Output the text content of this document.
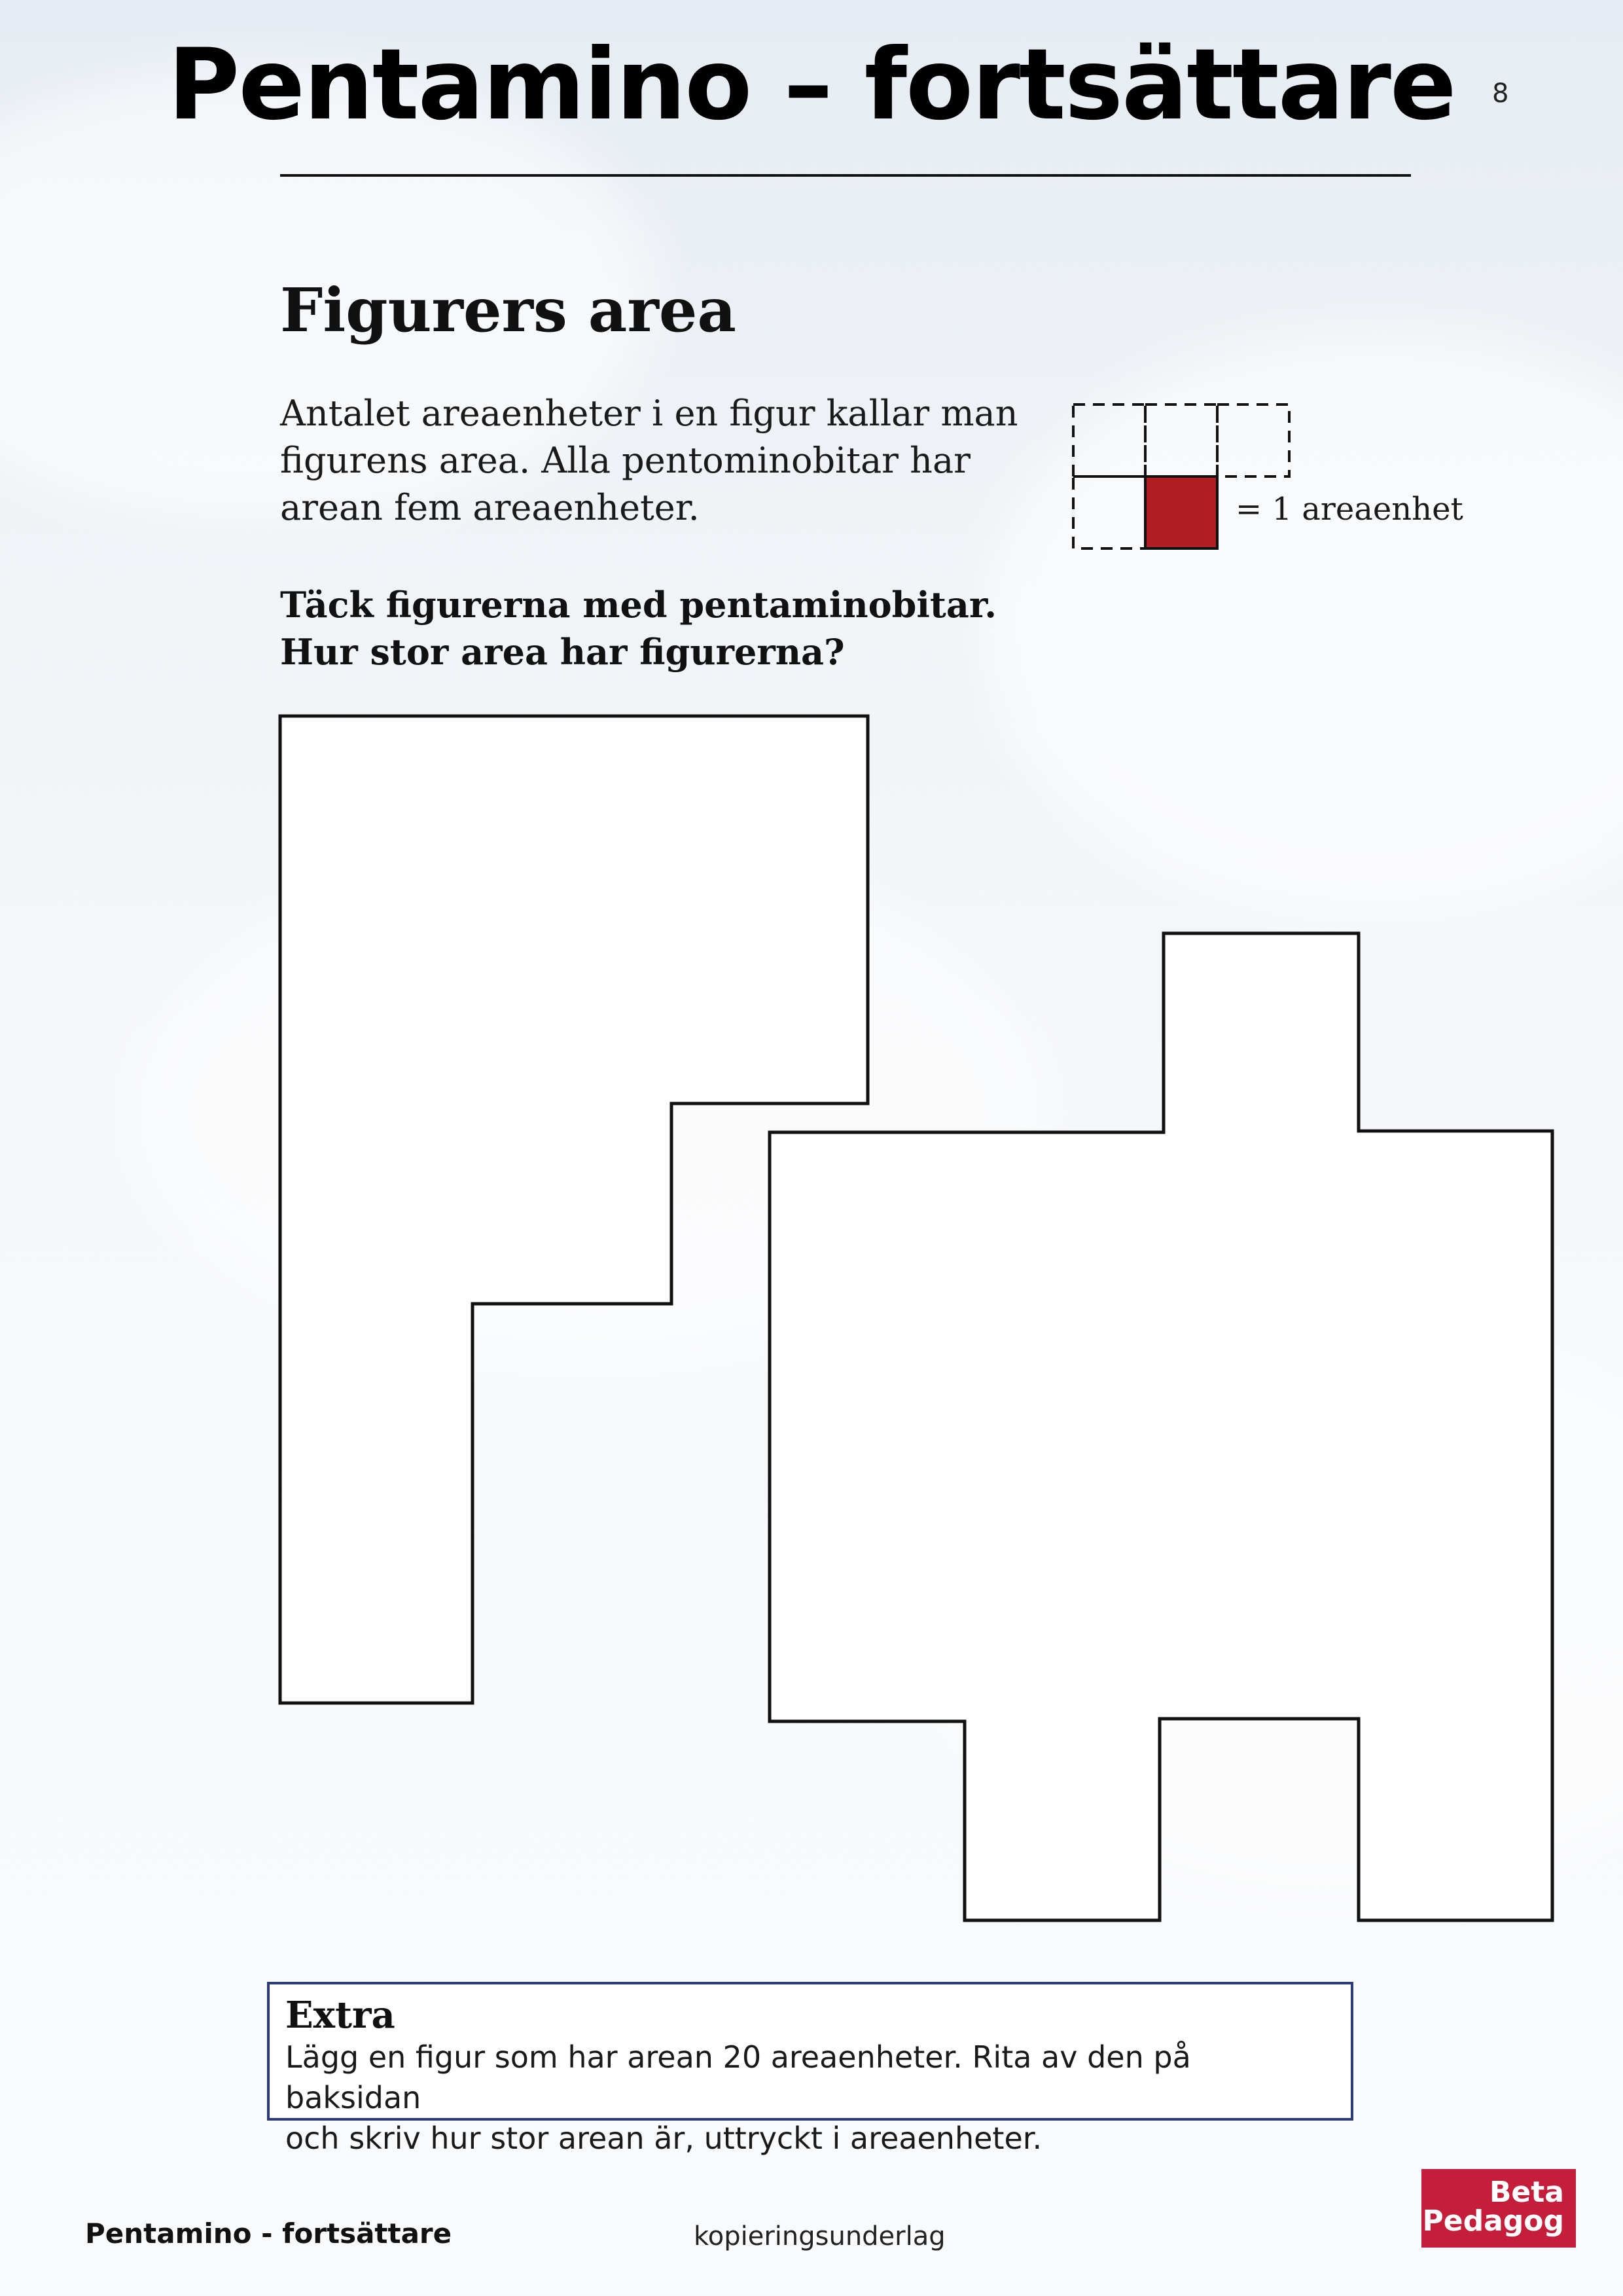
Pentamino – fortsättare	8
Figurers area
Antalet areaenheter i en figur kallar man
figurens area. Alla pentominobitar har
arean fem areaenheter.
Täck figurerna med pentaminobitar.
Hur stor area har figurerna?
= 1 areaenhet
Extra
Lägg en figur som har arean 20 areaenheter. Rita av den på baksidan
och skriv hur stor arean är, uttryckt i areaenheter.
Pentamino - fortsättare	kopieringsunderlag
Beta
Pedagog
